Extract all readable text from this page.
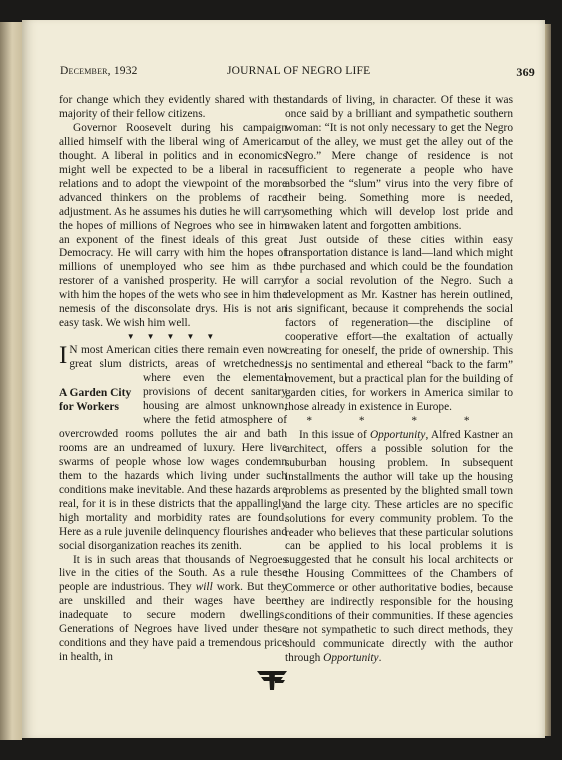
December, 1932	JOURNAL OF NEGRO LIFE	369

for change which they evidently shared with the majority of their fellow citizens.

Governor Roosevelt during his campaign allied himself with the liberal wing of American thought. A liberal in politics and in economics might well be expected to be a liberal in race relations and to adopt the viewpoint of the more advanced thinkers on the problems of race adjustment. As he assumes his duties he will carry the hopes of millions of Negroes who see in him an exponent of the finest ideals of this great Democracy. He will carry with him the hopes of millions of unemployed who see him as the restorer of a vanished prosperity. He will carry with him the hopes of the wets who see in him the nemesis of the disconsolate drys. His is not an easy task. We wish him well.

▼ ▼ ▼ ▼ ▼

I N most American cities there remain even now great slum districts, areas of wretchedness,
A Garden City
for Workers
where even the elemental provisions of decent sanitary housing are almost unknown, where the fetid atmosphere of overcrowded rooms pollutes the air and bath rooms are an undreamed of luxury. Here live swarms of people whose low wages condemn them to the hazards which living under such conditions make inevitable. And these hazards are real, for it is in these districts that the appallingly high mortality and morbidity rates are found. Here as a rule juvenile delinquency flourishes and social disorganization reaches its zenith.

It is in such areas that thousands of Negroes live in the cities of the South. As a rule these people are industrious. They will work. But they are unskilled and their wages have been inadequate to secure modern dwellings. Generations of Negroes have lived under these conditions and they have paid a tremendous price in health, in

standards of living, in character. Of these it was once said by a brilliant and sympathetic southern woman: “It is not only necessary to get the Negro out of the alley, we must get the alley out of the Negro.” Mere change of residence is not sufficient to regenerate a people who have absorbed the “slum” virus into the very fibre of their being. Something more is needed, something which will develop lost pride and awaken latent and forgotten ambitions.

Just outside of these cities within easy transportation distance is land—land which might be purchased and which could be the foundation for a social revolution of the Negro. Such a development as Mr. Kastner has herein outlined, is significant, because it comprehends the social factors of regeneration—the discipline of cooperative effort—the exaltation of actually creating for oneself, the pride of ownership. This is no sentimental and ethereal “back to the farm” movement, but a practical plan for the building of garden cities, for workers in America similar to those already in existence in Europe.

* * * *

In this issue of Opportunity, Alfred Kastner an architect, offers a possible solution for the suburban housing problem. In subsequent installments the author will take up the housing problems as presented by the blighted small town and the large city. These articles are no specific solutions for every community problem. To the reader who believes that these particular solutions can be applied to his local problems it is suggested that he consult his local architects or the Housing Committees of the Chambers of Commerce or other authoritative bodies, because they are indirectly responsible for the housing conditions of their communities. If these agencies are not sympathetic to such direct methods, they should communicate directly with the author through Opportunity.
